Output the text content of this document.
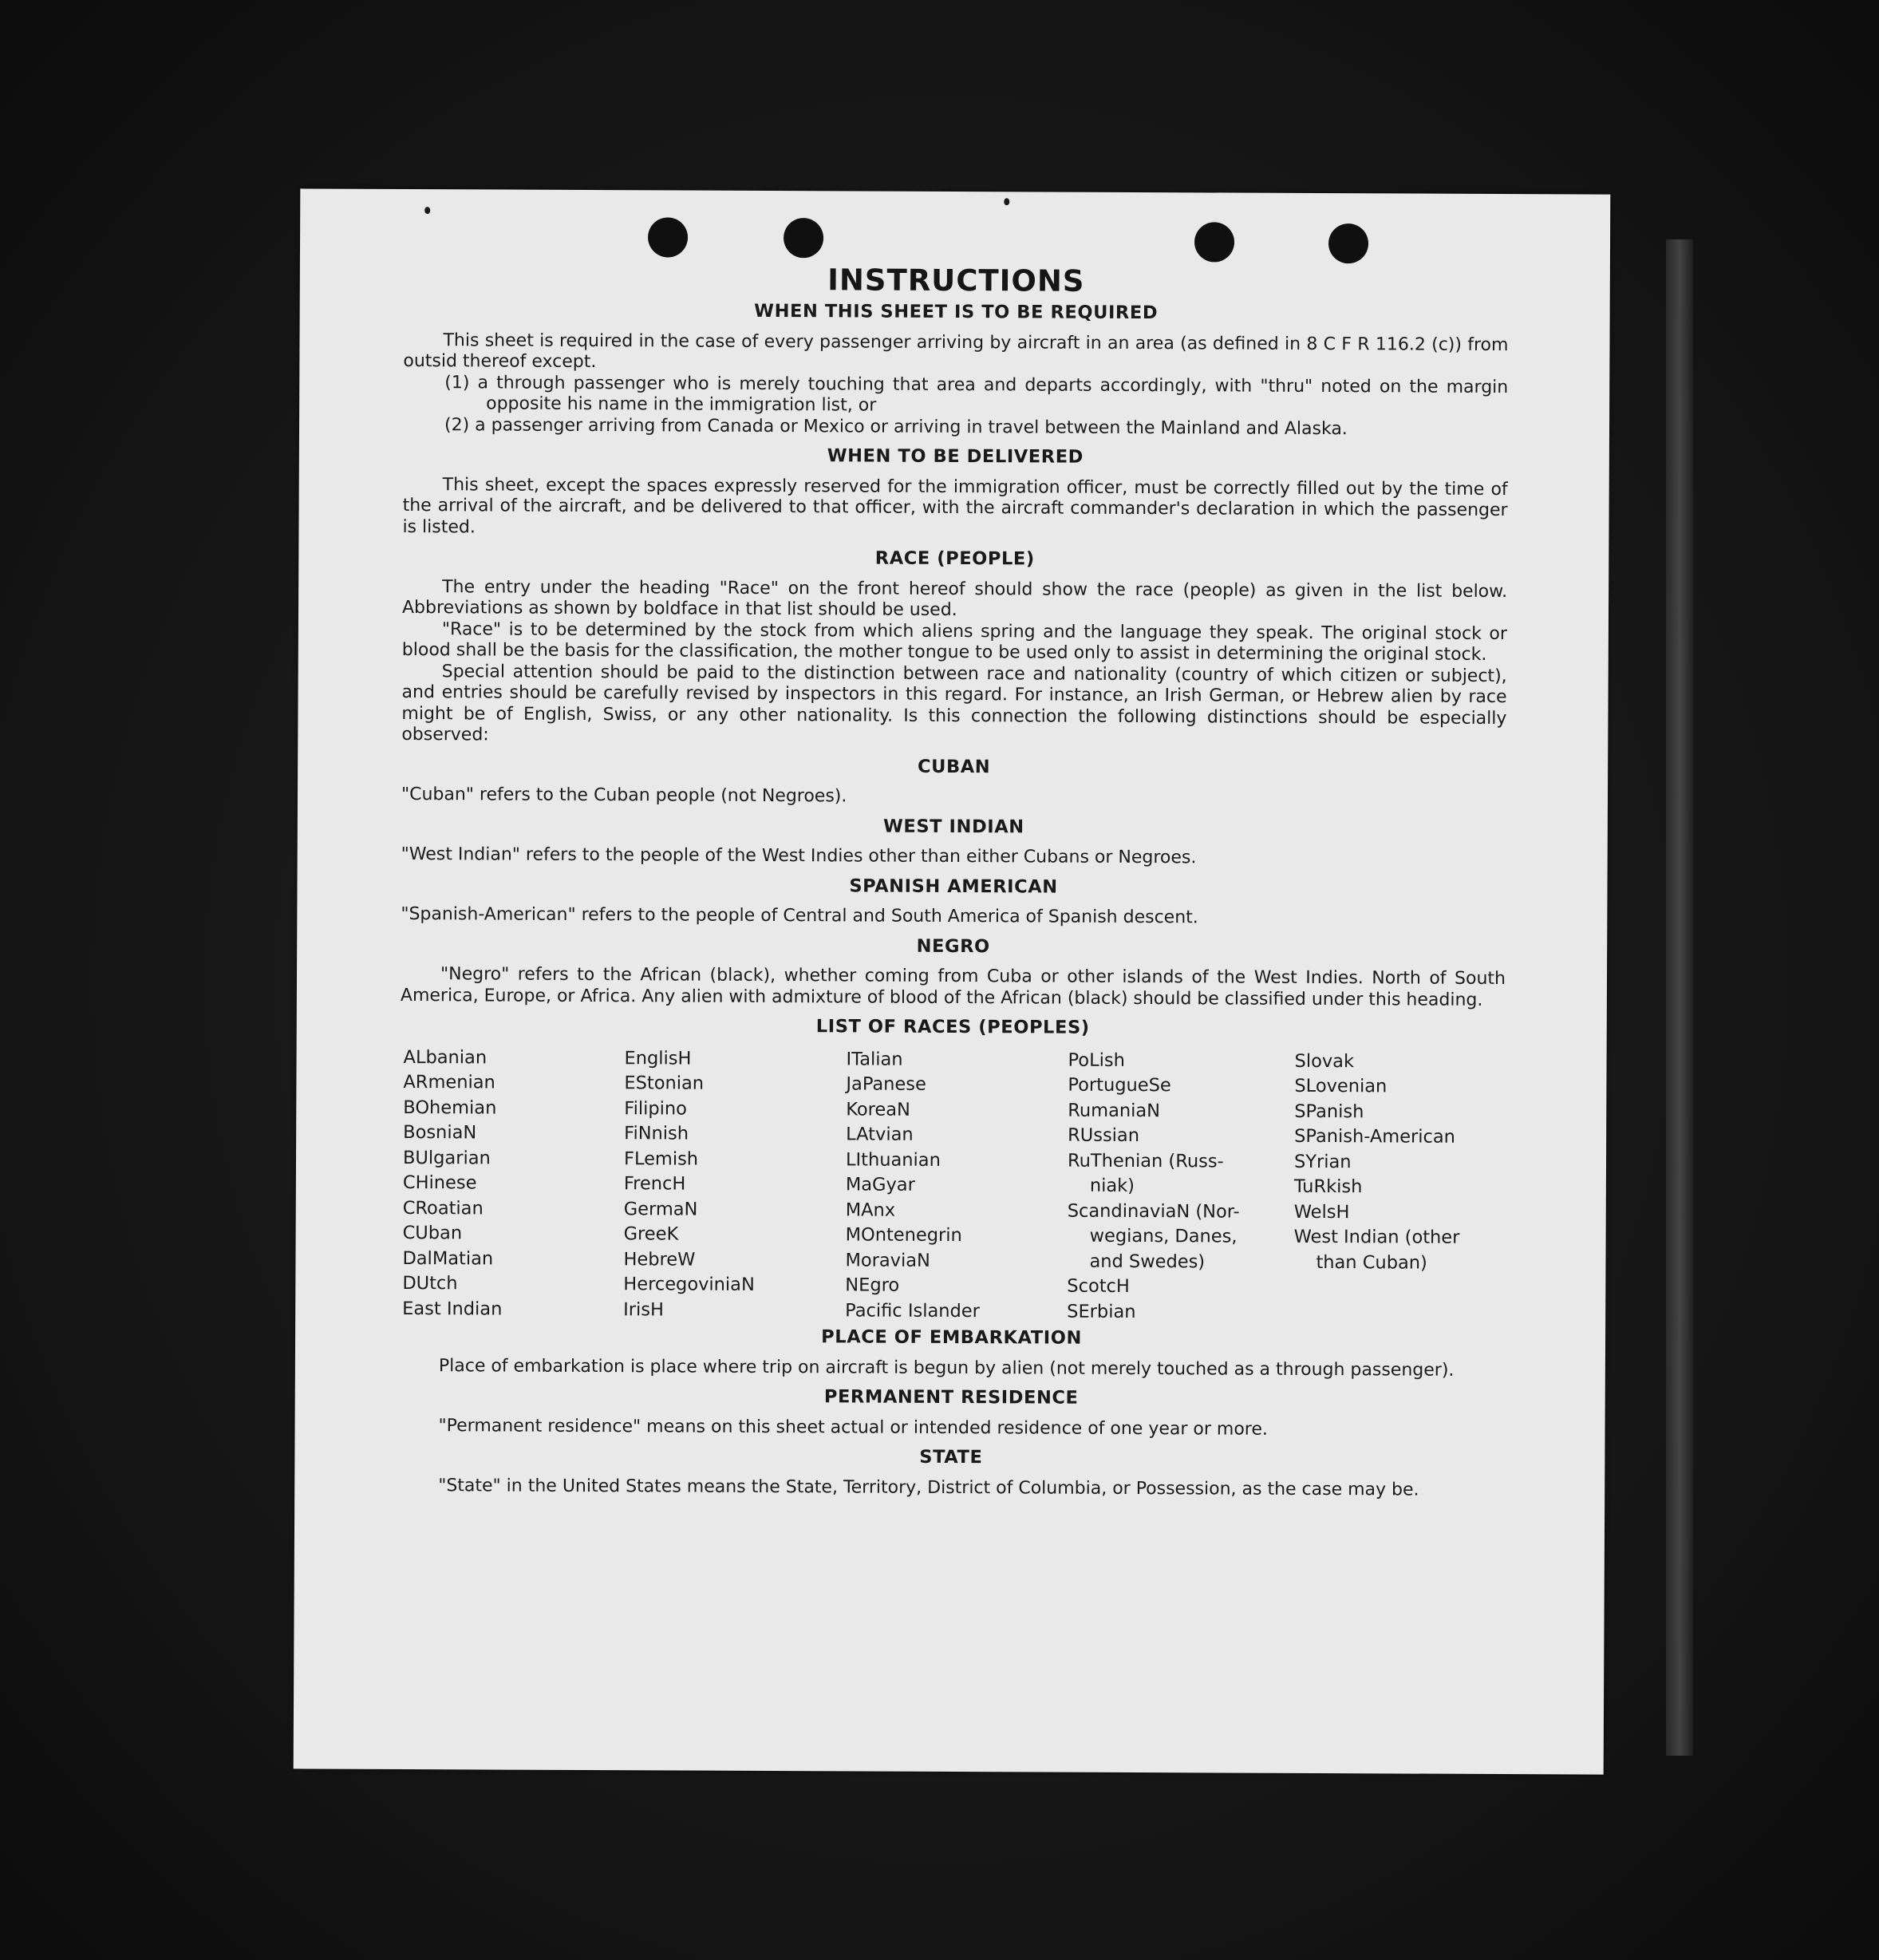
INSTRUCTIONS
WHEN THIS SHEET IS TO BE REQUIRED

This sheet is required in the case of every passenger arriving by aircraft in an area (as defined in 8 C F R 116.2 (c)) from outsid thereof except.

(1) a through passenger who is merely touching that area and departs accordingly, with "thru" noted on the margin opposite his name in the immigration list, or

(2) a passenger arriving from Canada or Mexico or arriving in travel between the Mainland and Alaska.

WHEN TO BE DELIVERED

This sheet, except the spaces expressly reserved for the immigration officer, must be correctly filled out by the time of the arrival of the aircraft, and be delivered to that officer, with the aircraft commander's declaration in which the passenger is listed.

RACE (PEOPLE)

The entry under the heading "Race" on the front hereof should show the race (people) as given in the list below. Abbreviations as shown by boldface in that list should be used.

"Race" is to be determined by the stock from which aliens spring and the language they speak. The original stock or blood shall be the basis for the classification, the mother tongue to be used only to assist in determining the original stock.

Special attention should be paid to the distinction between race and nationality (country of which citizen or subject), and entries should be carefully revised by inspectors in this regard. For instance, an Irish German, or Hebrew alien by race might be of English, Swiss, or any other nationality. Is this connection the following distinctions should be especially observed:

CUBAN

"Cuban" refers to the Cuban people (not Negroes).

WEST INDIAN

"West Indian" refers to the people of the West Indies other than either Cubans or Negroes.

SPANISH AMERICAN

"Spanish-American" refers to the people of Central and South America of Spanish descent.

NEGRO

"Negro" refers to the African (black), whether coming from Cuba or other islands of the West Indies. North of South America, Europe, or Africa. Any alien with admixture of blood of the African (black) should be classified under this heading.

LIST OF RACES (PEOPLES)
ALbanian
ARmenian
BOhemian
BosniaN
BUlgarian
CHinese
CRoatian
CUban
DalMatian
DUtch
East Indian
EnglisH
EStonian
Filipino
FiNnish
FLemish
FrencH
GermaN
GreeK
HebreW
HercegoviniaN
IrisH
ITalian
JaPanese
KoreaN
LAtvian
LIthuanian
MaGyar
MAnx
MOntenegrin
MoraviaN
NEgro
Pacific Islander
PoLish
PortugueSe
RumaniaN
RUssian
RuThenian (Russ-
niak)
ScandinaviaN (Nor-
wegians, Danes,
and Swedes)
ScotcH
SErbian
Slovak
SLovenian
SPanish
SPanish-American
SYrian
TuRkish
WelsH
West Indian (other
than Cuban)
PLACE OF EMBARKATION

Place of embarkation is place where trip on aircraft is begun by alien (not merely touched as a through passenger).

PERMANENT RESIDENCE

"Permanent residence" means on this sheet actual or intended residence of one year or more.

STATE

"State" in the United States means the State, Territory, District of Columbia, or Possession, as the case may be.
